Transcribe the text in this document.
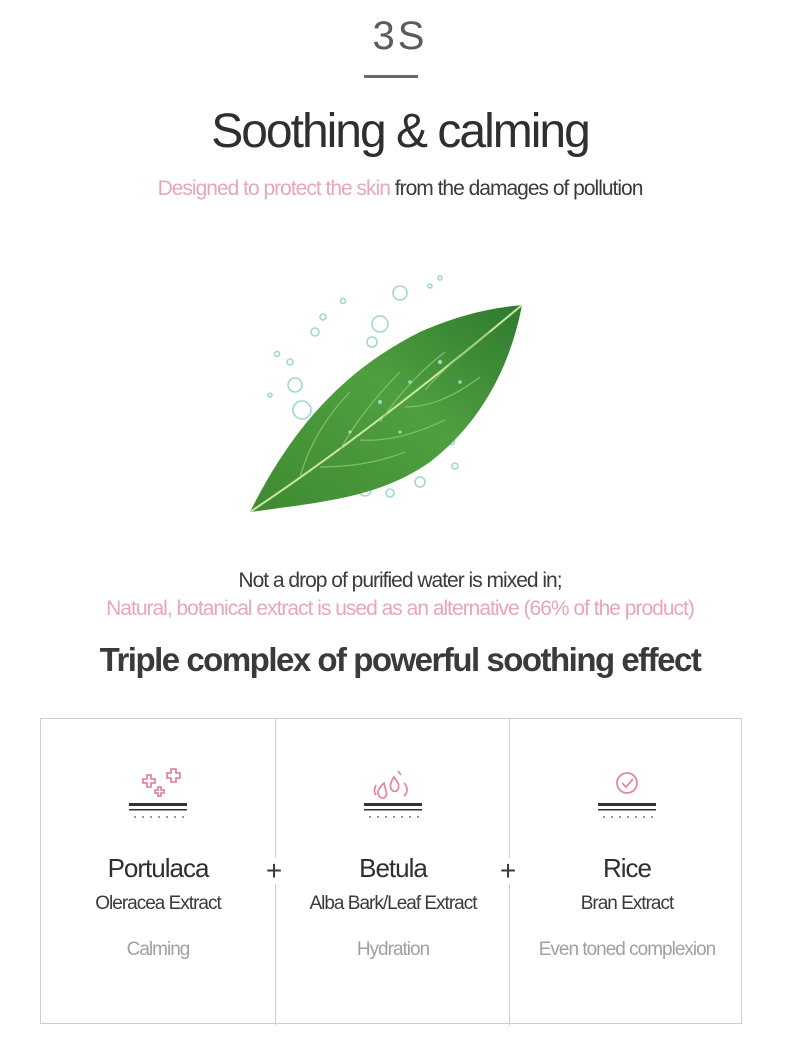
3S
Soothing & calming
Designed to protect the skin from the damages of pollution
Not a drop of purified water is mixed in;
Natural, botanical extract is used as an alternative (66% of the product)
Triple complex of powerful soothing effect
Portulaca
Oleracea Extract
Calming
Betula
Alba Bark/Leaf Extract
Hydration
Rice
Bran Extract
Even toned complexion
+	+
